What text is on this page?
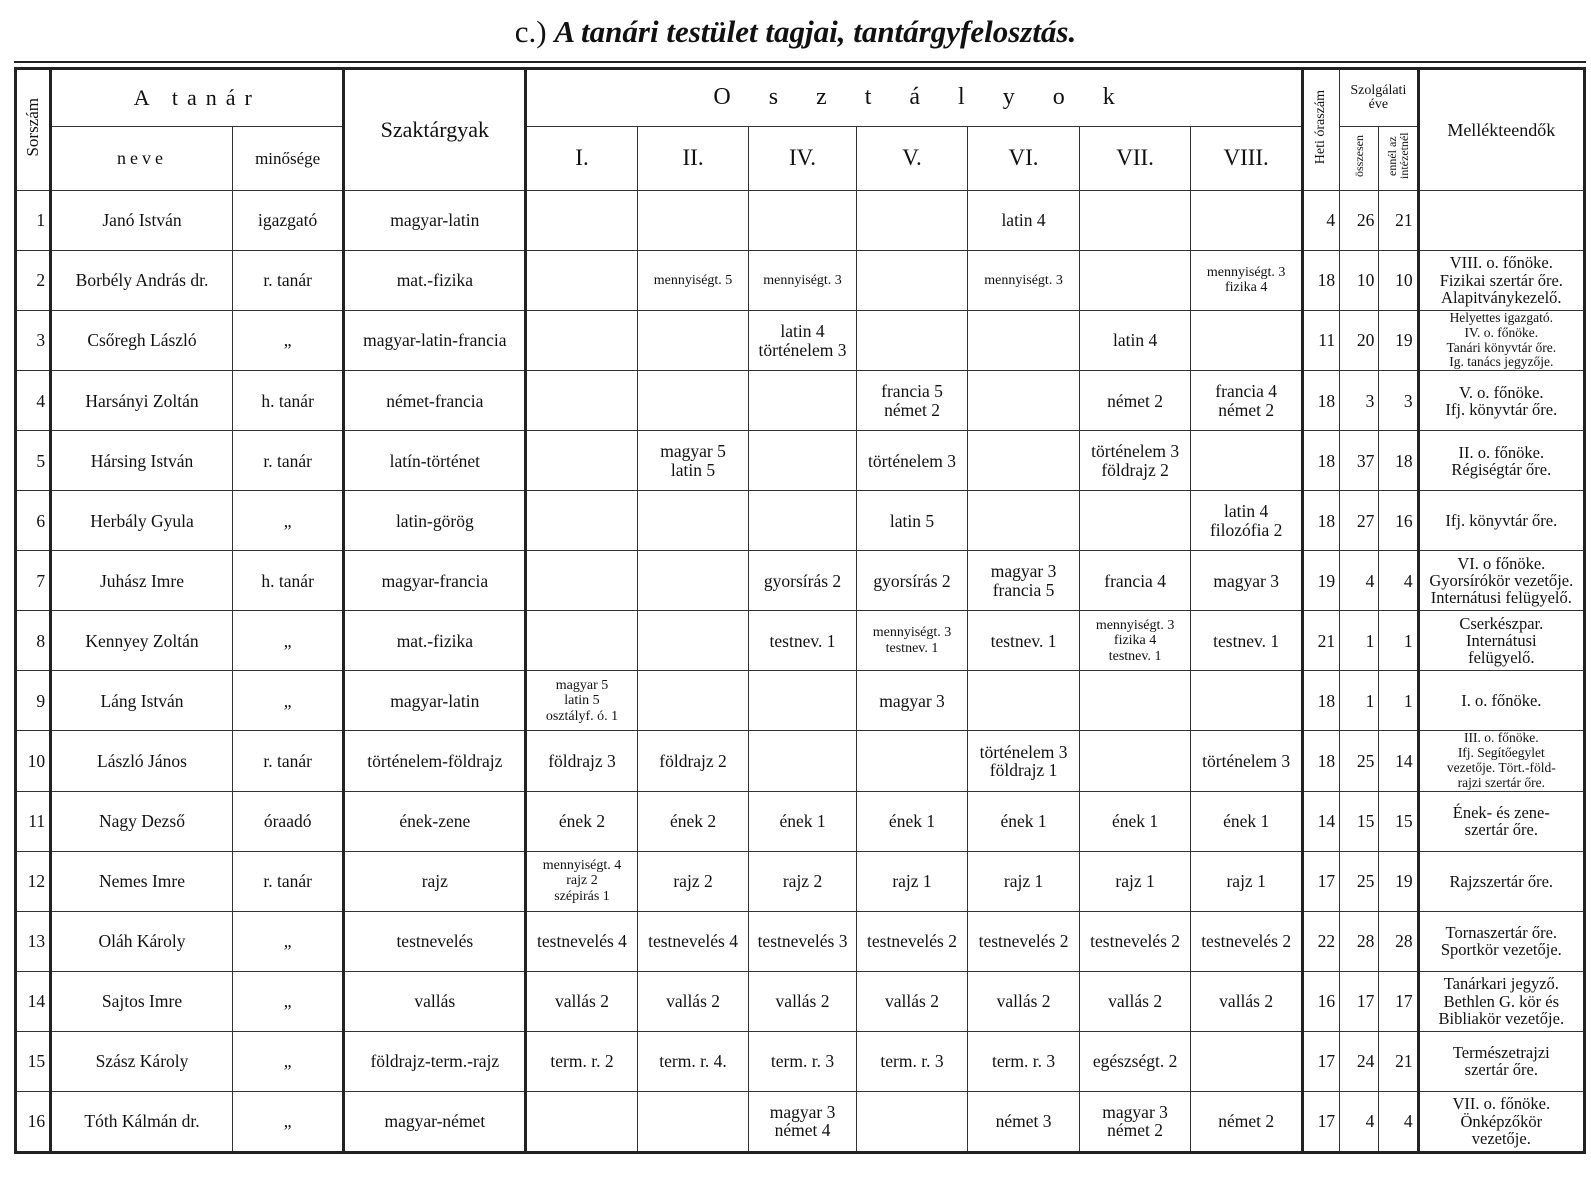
c.) A tanári testület tagjai, tantárgyfelosztás.
Sorszám	A tanár		Szaktárgyak	Osztályok							Heti óraszám	Szolgálati éve		Mellékteendők
	neve	minősége		I.	II.	IV.	V.	VI.	VII.	VIII.		összesen	ennél az intézetnél	
1	Janó István	igazgató	magyar-latin					latin 4			4	26	21	
2	Borbély András dr.	r. tanár	mat.-fizika		mennyiségt. 5	mennyiségt. 3		mennyiségt. 3		mennyiségt. 3
fizika 4	18	10	10	VIII. o. főnöke.
Fizikai szertár őre.
Alapitványkezelő.
3	Csőregh László	„	magyar-latin-francia			latin 4
történelem 3			latin 4		11	20	19	Helyettes igazgató.
IV. o. főnöke.
Tanári könyvtár őre.
Ig. tanács jegyzője.
4	Harsányi Zoltán	h. tanár	német-francia				francia 5
német 2		német 2	francia 4
német 2	18	3	3	V. o. főnöke.
Ifj. könyvtár őre.
5	Hársing István	r. tanár	latín-történet		magyar 5
latin 5		történelem 3		történelem 3
földrajz 2		18	37	18	II. o. főnöke.
Régiségtár őre.
6	Herbály Gyula	„	latin-görög				latin 5			latin 4
filozófia 2	18	27	16	Ifj. könyvtár őre.
7	Juhász Imre	h. tanár	magyar-francia			gyorsírás 2	gyorsírás 2	magyar 3
francia 5	francia 4	magyar 3	19	4	4	VI. o főnöke.
Gyorsírókör vezetője.
Internátusi felügyelő.
8	Kennyey Zoltán	„	mat.-fizika			testnev. 1	mennyiségt. 3
testnev. 1	testnev. 1	mennyiségt. 3
fizika 4
testnev. 1	testnev. 1	21	1	1	Cserkészpar.
Internátusi
felügyelő.
9	Láng István	„	magyar-latin	magyar 5
latin 5
osztályf. ó. 1			magyar 3				18	1	1	I. o. főnöke.
10	László János	r. tanár	történelem-földrajz	földrajz 3	földrajz 2			történelem 3
földrajz 1		történelem 3	18	25	14	III. o. főnöke.
Ifj. Segítőegylet
vezetője. Tört.-föld-
rajzi szertár őre.
11	Nagy Dezső	óraadó	ének-zene	ének 2	ének 2	ének 1	ének 1	ének 1	ének 1	ének 1	14	15	15	Ének- és zene-
szertár őre.
12	Nemes Imre	r. tanár	rajz	mennyiségt. 4
rajz 2
szépirás 1	rajz 2	rajz 2	rajz 1	rajz 1	rajz 1	rajz 1	17	25	19	Rajzszertár őre.
13	Oláh Károly	„	testnevelés	testnevelés 4	testnevelés 4	testnevelés 3	testnevelés 2	testnevelés 2	testnevelés 2	testnevelés 2	22	28	28	Tornaszertár őre.
Sportkör vezetője.
14	Sajtos Imre	„	vallás	vallás 2	vallás 2	vallás 2	vallás 2	vallás 2	vallás 2	vallás 2	16	17	17	Tanárkari jegyző.
Bethlen G. kör és
Bibliakör vezetője.
15	Szász Károly	„	földrajz-term.-rajz	term. r. 2	term. r. 4.	term. r. 3	term. r. 3	term. r. 3	egészségt. 2		17	24	21	Természetrajzi
szertár őre.
16	Tóth Kálmán dr.	„	magyar-német			magyar 3
német 4		német 3	magyar 3
német 2	német 2	17	4	4	VII. o. főnöke.
Önképzőkör
vezetője.
